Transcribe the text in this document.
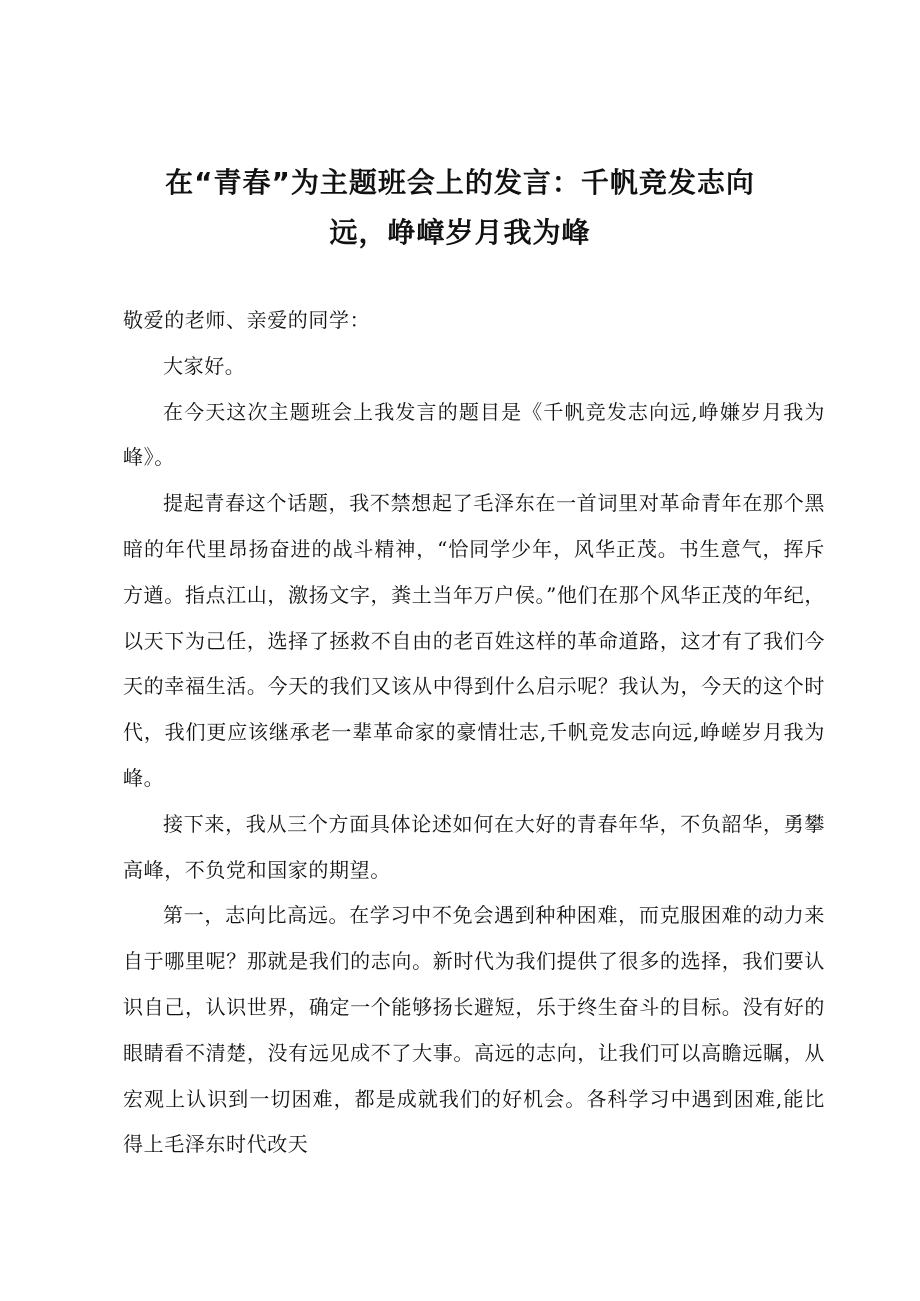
在“青春”为主题班会上的发言：千帆竞发志向
远，峥嶂岁月我为峰

敬爱的老师、亲爱的同学：

大家好。

在今天这次主题班会上我发言的题目是《千帆竞发志向远,峥嫌岁月我为峰》。

提起青春这个话题，我不禁想起了毛泽东在一首词里对革命青年在那个黑暗的年代里昂扬奋进的战斗精神，“恰同学少年，风华正茂。书生意气，挥斥方遒。指点江山，激扬文字，粪土当年万户侯。”他们在那个风华正茂的年纪，以天下为己任，选择了拯救不自由的老百姓这样的革命道路，这才有了我们今天的幸福生活。今天的我们又该从中得到什么启示呢？我认为，今天的这个时代，我们更应该继承老一辈革命家的豪情壮志,千帆竞发志向远,峥嵯岁月我为峰。

接下来，我从三个方面具体论述如何在大好的青春年华，不负韶华，勇攀高峰，不负党和国家的期望。

第一，志向比高远。在学习中不免会遇到种种困难，而克服困难的动力来自于哪里呢？那就是我们的志向。新时代为我们提供了很多的选择，我们要认识自己，认识世界，确定一个能够扬长避短，乐于终生奋斗的目标。没有好的眼睛看不清楚，没有远见成不了大事。高远的志向，让我们可以高瞻远瞩，从宏观上认识到一切困难，都是成就我们的好机会。各科学习中遇到困难,能比得上毛泽东时代改天
